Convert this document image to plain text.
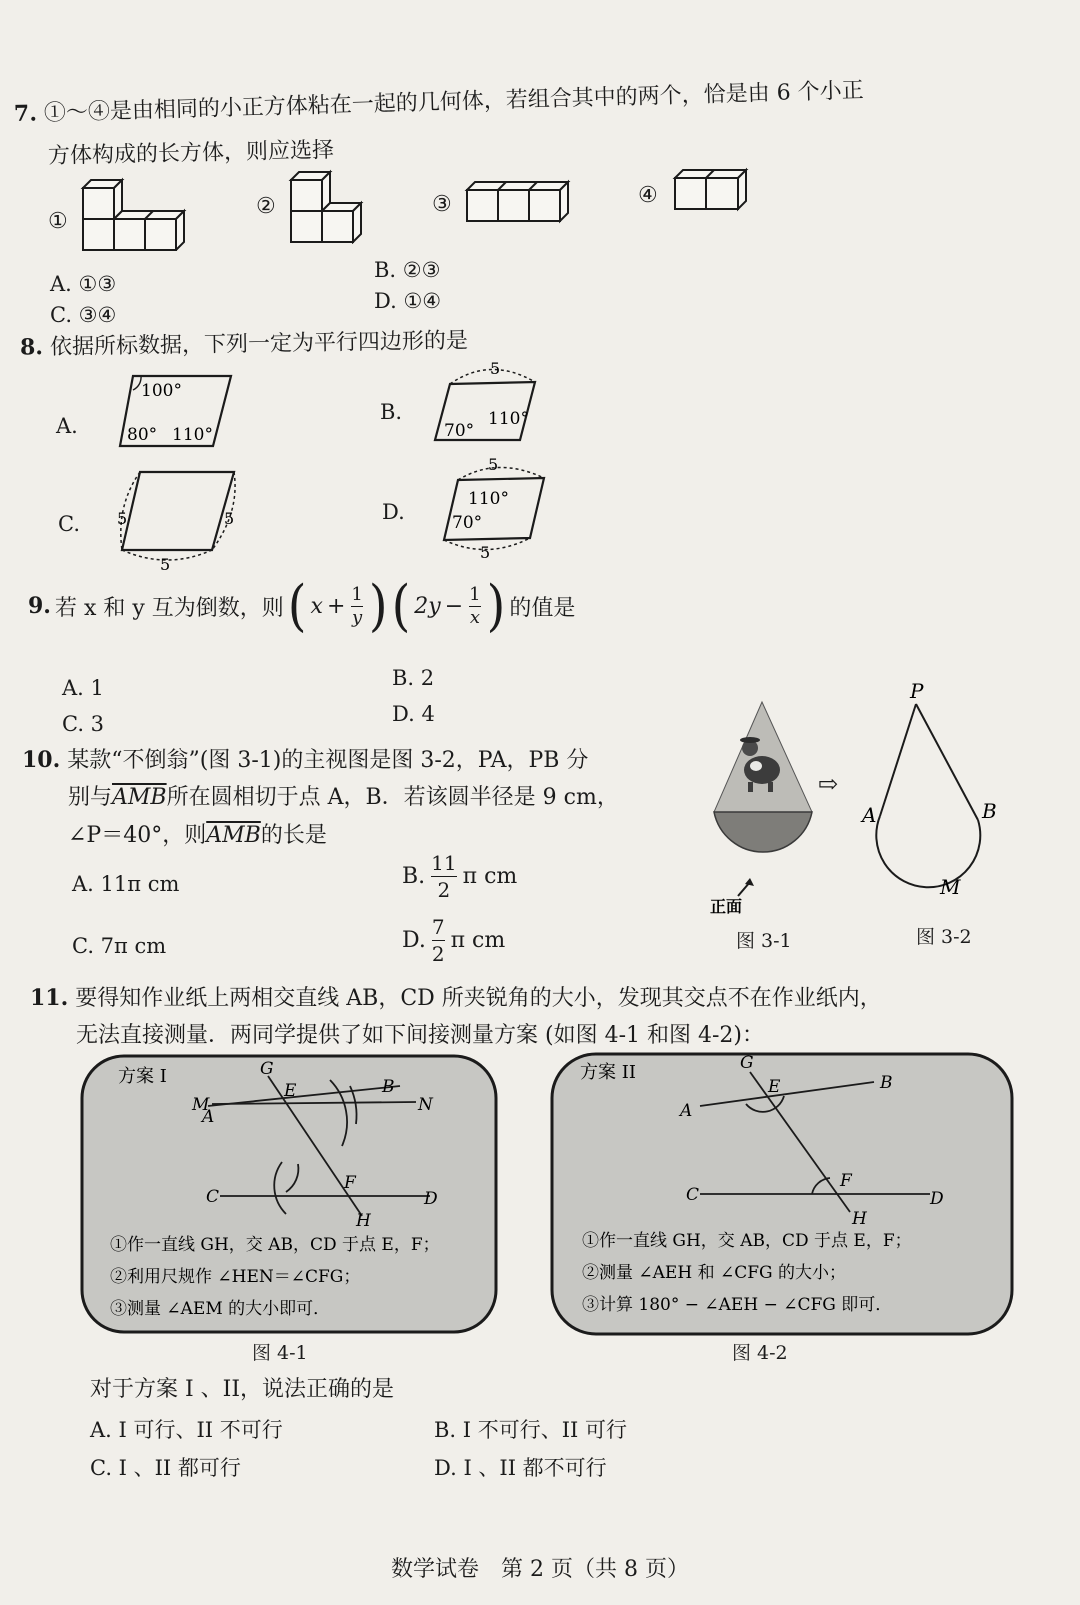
7. ①～④是由相同的小正方体粘在一起的几何体，若组合其中的两个，恰是由 6 个小正
方体构成的长方体，则应选择
①
②	③	④
A. ①③
B. ②③
C. ③④
D. ①④
8. 依据所标数据，下列一定为平行四边形的是
A.
100°
80° 110°
B.
5
70°
110°
C. 5	5
5
D.
5
110°
70°
5
9. 若 x 和 y 互为倒数，则 ( $x + \frac{1}{y}$ ) ( $2y - \frac{1}{x}$ ) 的值是
A. 1	B. 2
C. 3	D. 4
10. 某款“不倒翁”(图 3-1)的主视图是图 3-2，PA，PB 分
别与$\overline{AMB}$所在圆相切于点 A，B．若该圆半径是 9 cm，
∠P＝40°，则$\overline{AMB}$的长是
A. 11π cm	B. $\frac{11}{2}$ π cm
C. 7π cm	D. $\frac{7}{2}$ π cm
正面
图 3-1
⇨
P
A	B
M
图 3-2
11. 要得知作业纸上两相交直线 AB，CD 所夹锐角的大小，发现其交点不在作业纸内，
无法直接测量．两同学提供了如下间接测量方案 (如图 4-1 和图 4-2)：
方案 I	G
E	B
M
A
N
C
F
D
H
①作一直线 GH，交 AB，CD 于点 E，F；
②利用尺规作 ∠HEN＝∠CFG；
③测量 ∠AEM 的大小即可．
图 4-1
方案 II	G
E	B
A
C
F
D
H
①作一直线 GH，交 AB，CD 于点 E，F；
②测量 ∠AEH 和 ∠CFG 的大小；
③计算 180° − ∠AEH − ∠CFG 即可．
图 4-2
对于方案 I 、II，说法正确的是
A. I 可行、II 不可行	B. I 不可行、II 可行
C. I 、II 都可行	D. I 、II 都不可行
数学试卷　第 2 页（共 8 页）
